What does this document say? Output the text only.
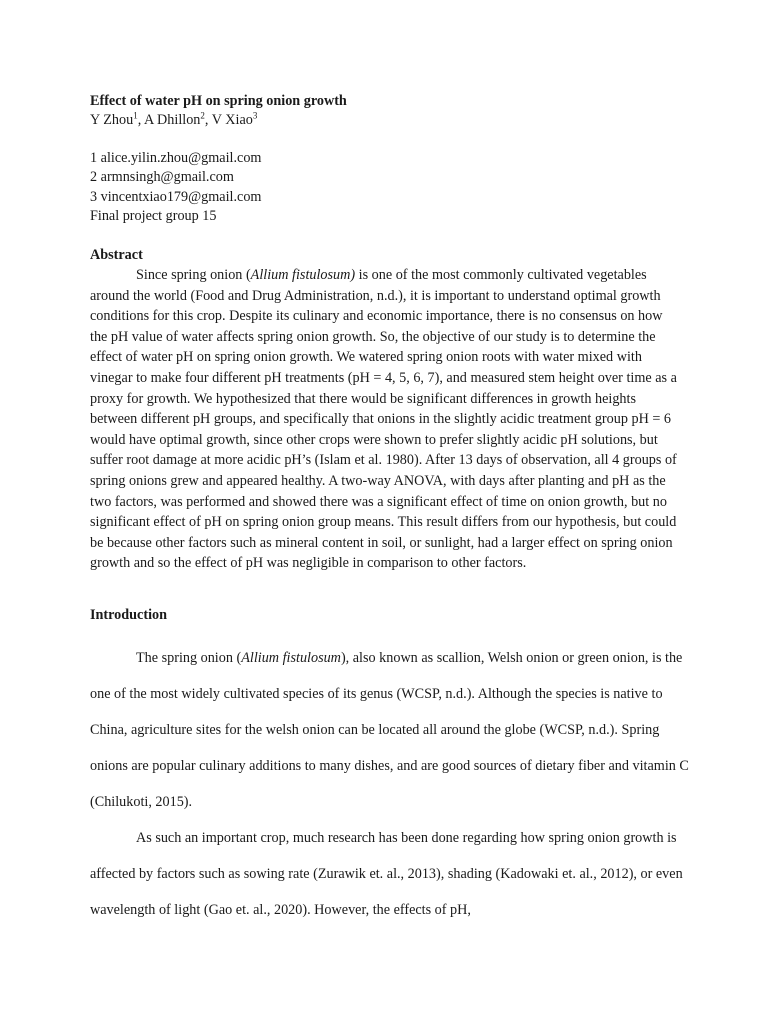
Effect of water pH on spring onion growth

Y Zhou$^1$, A Dhillon$^2$, V Xiao$^3$

1 alice.yilin.zhou@gmail.com

2 armnsingh@gmail.com

3 vincentxiao179@gmail.com

Final project group 15

Abstract

Since spring onion (Allium fistulosum) is one of the most commonly cultivated vegetables around the world (Food and Drug Administration, n.d.), it is important to understand optimal growth conditions for this crop. Despite its culinary and economic importance, there is no consensus on how the pH value of water affects spring onion growth. So, the objective of our study is to determine the effect of water pH on spring onion growth. We watered spring onion roots with water mixed with vinegar to make four different pH treatments (pH = 4, 5, 6, 7), and measured stem height over time as a proxy for growth. We hypothesized that there would be significant differences in growth heights between different pH groups, and specifically that onions in the slightly acidic treatment group pH = 6 would have optimal growth, since other crops were shown to prefer slightly acidic pH solutions, but suffer root damage at more acidic pH’s (Islam et al. 1980). After 13 days of observation, all 4 groups of spring onions grew and appeared healthy. A two-way ANOVA, with days after planting and pH as the two factors, was performed and showed there was a significant effect of time on onion growth, but no significant effect of pH on spring onion group means. This result differs from our hypothesis, but could be because other factors such as mineral content in soil, or sunlight, had a larger effect on spring onion growth and so the effect of pH was negligible in comparison to other factors.

Introduction

The spring onion (Allium fistulosum), also known as scallion, Welsh onion or green onion, is the one of the most widely cultivated species of its genus (WCSP, n.d.). Although the species is native to China, agriculture sites for the welsh onion can be located all around the globe (WCSP, n.d.). Spring onions are popular culinary additions to many dishes, and are good sources of dietary fiber and vitamin C (Chilukoti, 2015).

As such an important crop, much research has been done regarding how spring onion growth is affected by factors such as sowing rate (Zurawik et. al., 2013), shading (Kadowaki et. al., 2012), or even wavelength of light (Gao et. al., 2020). However, the effects of pH,
